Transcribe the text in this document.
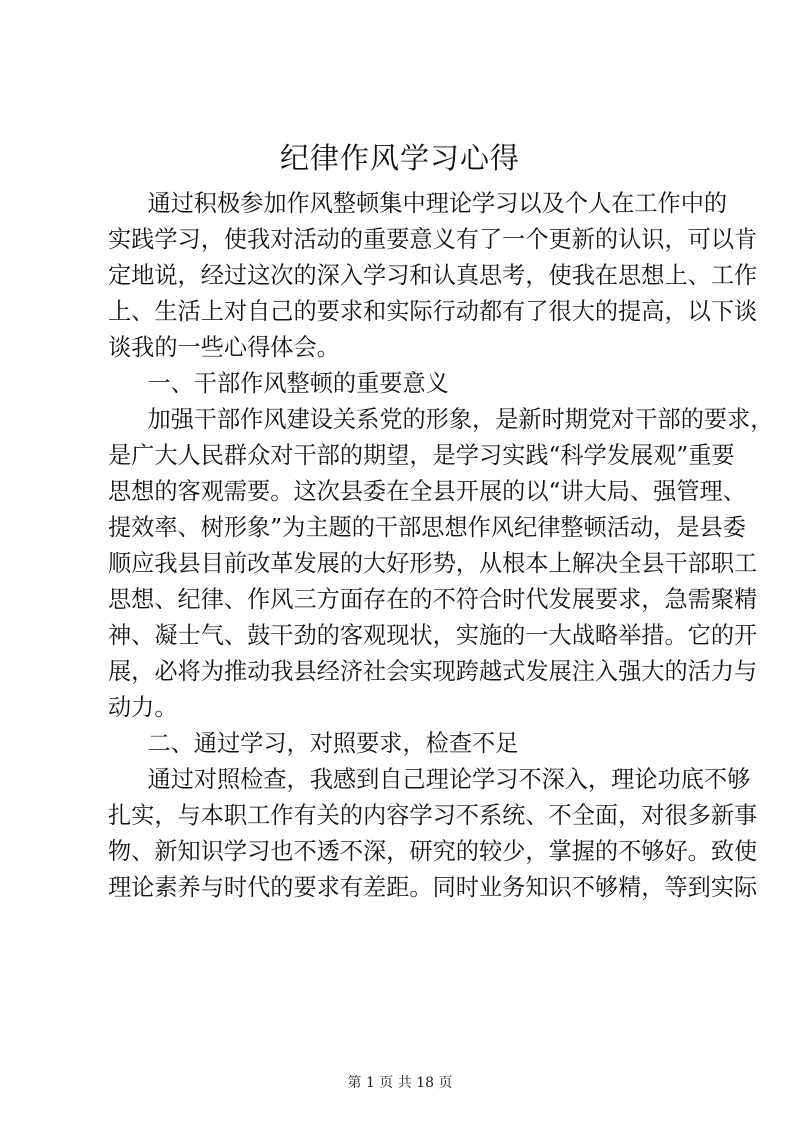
纪律作风学习心得
通过积极参加作风整顿集中理论学习以及个人在工作中的
实践学习，使我对活动的重要意义有了一个更新的认识，可以肯
定地说，经过这次的深入学习和认真思考，使我在思想上、工作
上、生活上对自己的要求和实际行动都有了很大的提高，以下谈
谈我的一些心得体会。
一、干部作风整顿的重要意义
加强干部作风建设关系党的形象，是新时期党对干部的要求，
是广大人民群众对干部的期望，是学习实践“科学发展观”重要
思想的客观需要。这次县委在全县开展的以“讲大局、强管理、
提效率、树形象”为主题的干部思想作风纪律整顿活动，是县委
顺应我县目前改革发展的大好形势，从根本上解决全县干部职工
思想、纪律、作风三方面存在的不符合时代发展要求，急需聚精
神、凝士气、鼓干劲的客观现状，实施的一大战略举措。它的开
展，必将为推动我县经济社会实现跨越式发展注入强大的活力与
动力。
二、通过学习，对照要求，检查不足
通过对照检查，我感到自己理论学习不深入，理论功底不够
扎实，与本职工作有关的内容学习不系统、不全面，对很多新事
物、新知识学习也不透不深，研究的较少，掌握的不够好。致使
理论素养与时代的要求有差距。同时业务知识不够精，等到实际
第 1 页 共 18 页
